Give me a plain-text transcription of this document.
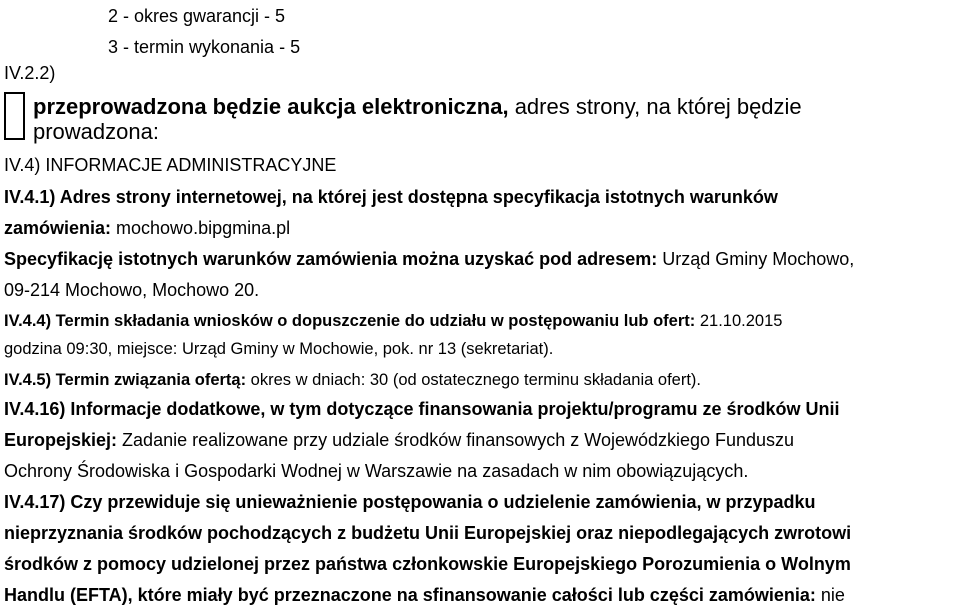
2 - okres gwarancji - 5
3 - termin wykonania - 5
IV.2.2)
przeprowadzona będzie aukcja elektroniczna, adres strony, na której będzie
prowadzona:
IV.4) INFORMACJE ADMINISTRACYJNE
IV.4.1) Adres strony internetowej, na której jest dostępna specyfikacja istotnych warunków
zamówienia: mochowo.bipgmina.pl
Specyfikację istotnych warunków zamówienia można uzyskać pod adresem: Urząd Gminy Mochowo,
09-214 Mochowo, Mochowo 20.
IV.4.4) Termin składania wniosków o dopuszczenie do udziału w postępowaniu lub ofert: 21.10.2015
godzina 09:30, miejsce: Urząd Gminy w Mochowie, pok. nr 13 (sekretariat).
IV.4.5) Termin związania ofertą: okres w dniach: 30 (od ostatecznego terminu składania ofert).
IV.4.16) Informacje dodatkowe, w tym dotyczące finansowania projektu/programu ze środków Unii
Europejskiej: Zadanie realizowane przy udziale środków finansowych z Wojewódzkiego Funduszu
Ochrony Środowiska i Gospodarki Wodnej w Warszawie na zasadach w nim obowiązujących.
IV.4.17) Czy przewiduje się unieważnienie postępowania o udzielenie zamówienia, w przypadku
nieprzyznania środków pochodzących z budżetu Unii Europejskiej oraz niepodlegających zwrotowi
środków z pomocy udzielonej przez państwa członkowskie Europejskiego Porozumienia o Wolnym
Handlu (EFTA), które miały być przeznaczone na sfinansowanie całości lub części zamówienia: nie
